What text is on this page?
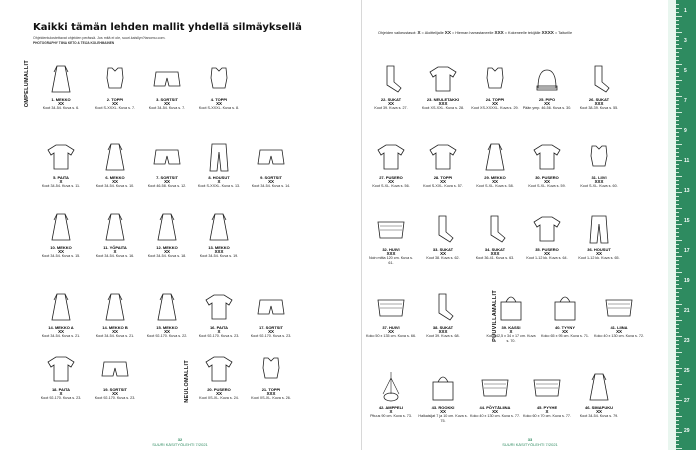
Kaikki tämän lehden mallit yhdellä silmäyksellä
Ohjeidentulostettavat ohjeiden perässä. Jos mitä ei ole, suuri.kaisllyn?tanomu.com.
PHOTOGRAPHY TIINA KETO & TEIJA KOLEHMAINEN
Ohjeiden vaikeustasot: X = Aloittelijalle XX = Hieman harrastaneelle XXX = Kokeneelle tekijälle XXXX = Taiturille
OMPELUMALLIT
NEULOMALLIT
PUUVILLAMALLIT
1. MEKKO
XX
Koot 34-54. Kuva s. 6.
2. TOPPI
XX
Koot S-XXXL. Kuva s. 7.
3. SORTSIT
XX
Koot 34-54. Kuva s. 7.
4. TOPPI
XX
Koot S-XXXL. Kuva s. 8.
5. PAITA
X
Koot 34-54. Kuva s. 11.
6. MEKKO
XX
Koot 34-54. Kuva s. 10.
7. SORTSIT
XX
Koot 46-58. Kuva s. 12.
8. HOUSUT
X
Koot S-XXXL. Kuva s. 13.
9. SORTSIT
XX
Koot 34-54. Kuva s. 14.
10. MEKKO
XX
Koot 34-54. Kuva s. 15.
11. YÖPAITA
X
Koot 34-54. Kuva s. 16.
12. MEKKO
XX
Koot 34-54. Kuva s. 18.
13. MEKKO
XXX
Koot 34-54. Kuva s. 19.
14. MEKKO A
XX
Koot 34-54. Kuva s. 21.
14. MEKKO B
XX
Koot 34-54. Kuva s. 21.
15. MEKKO
XX
Koot 92-170. Kuva s. 22.
16. PAITA
X
Koot 92-170. Kuva s. 23.
17. SORTSIT
XX
Koot 92-170. Kuva s. 23.
18. PAITA
X
Koot 92-170. Kuva s. 23.
19. SORTSIT
XX
Koot 92-170. Kuva s. 23.
20. PUSERO
XX
Koot XS-XL. Kuva s. 24.
21. TOPPI
XXX
Koot XS-XL. Kuva s. 26.
22. SUKAT
XX
Koot 39. Kuva s. 27.
23. NEULETAKKI
XXX
Koot XS-XXL. Kuva s. 28.
24. TOPPI
XX
Koot XS-XXXXL. Kuva s. 29.
25. PIPO
XX
Pään ymp. 46-56. Kuva s. 30.
26. SUKAT
XXX
Koot 38-39. Kuva s. 55.
27. PUSERO
XX
Koot S-XL. Kuva s. 56.
28. TOPPI
XX
Koot S-XXL. Kuva s. 57.
29. MEKKO
XX
Koot S-XL. Kuva s. 58.
30. PUSERO
XX
Koot S-XL. Kuva s. 59.
31. LIIVI
XXX
Koot S-XL. Kuva s. 60.
32. HUIVI
XXX
Noin mitta 120 cm. Kuva s. 61.
33. SUKAT
XX
Koot 38. Kuva s. 62.
34. SUKAT
XXX
Koot 36-41. Kuva s. 63.
35. PUSERO
XX
Koot 1-12 kk. Kuva s. 64.
36. HOUSUT
XX
Koot 1-12 kk. Kuva s. 65.
37. HUIVI
XX
Koko 50 x 135 cm. Kuva s. 66.
38. SUKAT
XXX
Koot 39. Kuva s. 68.
39. KASSI
X
Koko 42,5 x 34 x 17 cm. Kuva s. 70.
40. TYYNY
XX
Koko 65 x 95 cm. Kuva s. 71.
41. LIINA
XX
Koko 40 x 130 cm. Kuva s. 72.
42. AMPPELI
X
Pituus 90 cm. Kuva s. 73.
43. ROOKKI
XX
Halkaisijat 7 ja 10 cm. Kuva s. 75.
44. PÖYTÄLIINA
XX
Koko 40 x 130 cm. Kuva s. 77.
45. PYYHE
X
Koko 60 x 70 cm. Kuva s. 77.
46. SIMAPUKU
XX
Koot 34-54. Kuva s. 79.
32
SUURI KÄSITYÖLEHTI 7/2021
33
SUURI KÄSITYÖLEHTI 7/2021
1
3
5
7
9
11
13
15
17
19
21
23
25
27
29
